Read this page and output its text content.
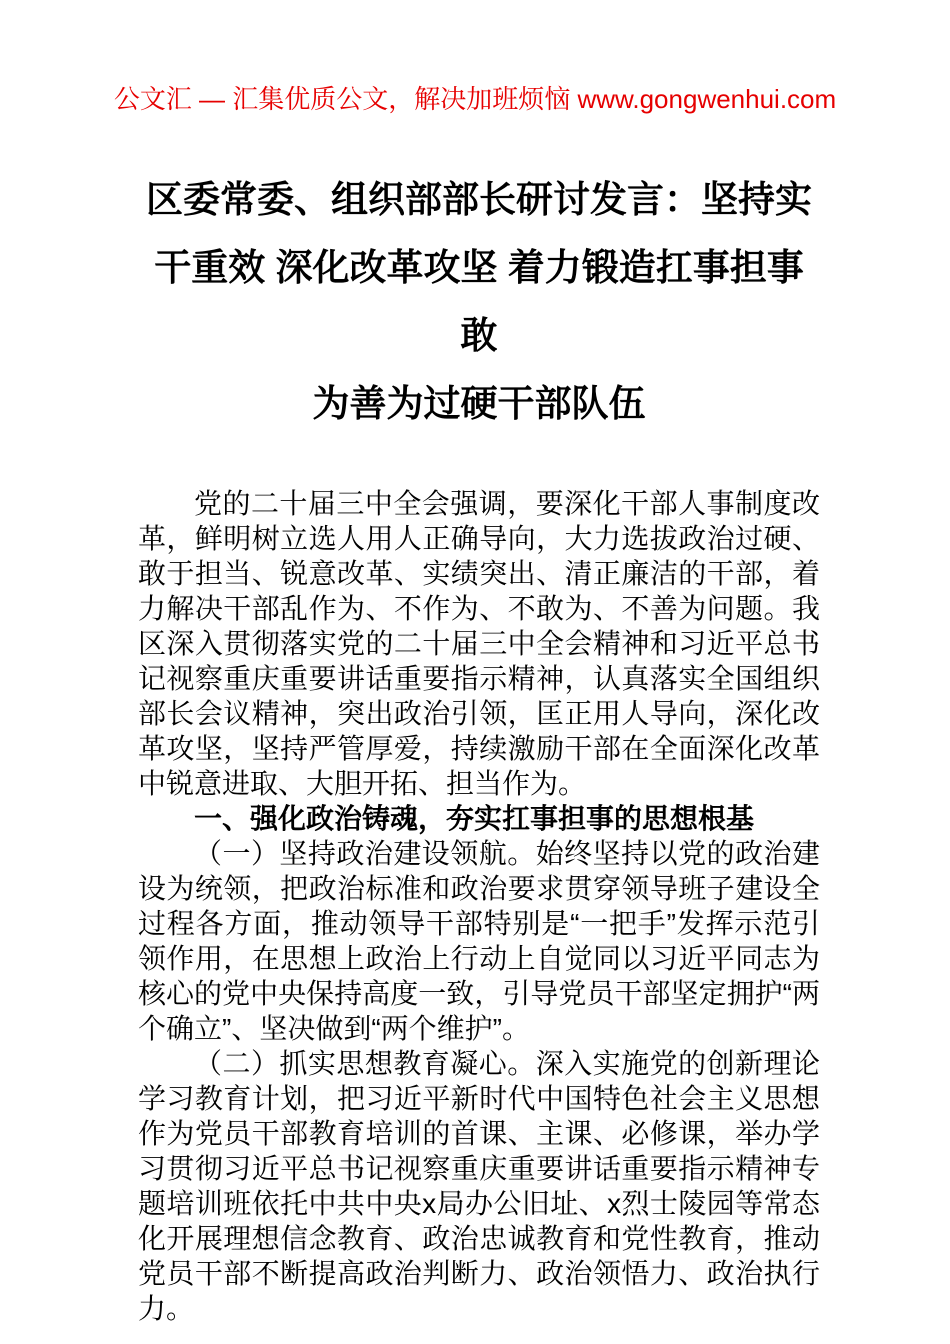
公文汇 — 汇集优质公文，解决加班烦恼 www.gongwenhui.com
区委常委、组织部部长研讨发言：坚持实
干重效 深化改革攻坚 着力锻造扛事担事敢
为善为过硬干部队伍

党的二十届三中全会强调，要深化干部人事制度改革，鲜明树立选人用人正确导向，大力选拔政治过硬、敢于担当、锐意改革、实绩突出、清正廉洁的干部，着力解决干部乱作为、不作为、不敢为、不善为问题。我区深入贯彻落实党的二十届三中全会精神和习近平总书记视察重庆重要讲话重要指示精神，认真落实全国组织部长会议精神，突出政治引领，匡正用人导向，深化改革攻坚，坚持严管厚爱，持续激励干部在全面深化改革中锐意进取、大胆开拓、担当作为。

一、强化政治铸魂，夯实扛事担事的思想根基

（一）坚持政治建设领航。始终坚持以党的政治建设为统领，把政治标准和政治要求贯穿领导班子建设全过程各方面，推动领导干部特别是“一把手”发挥示范引领作用，在思想上政治上行动上自觉同以习近平同志为核心的党中央保持高度一致，引导党员干部坚定拥护“两个确立”、坚决做到“两个维护”。

（二）抓实思想教育凝心。深入实施党的创新理论学习教育计划，把习近平新时代中国特色社会主义思想作为党员干部教育培训的首课、主课、必修课，举办学习贯彻习近平总书记视察重庆重要讲话重要指示精神专题培训班依托中共中央x局办公旧址、x烈士陵园等常态化开展理想信念教育、政治忠诚教育和党性教育，推动党员干部不断提高政治判断力、政治领悟力、政治执行力。
